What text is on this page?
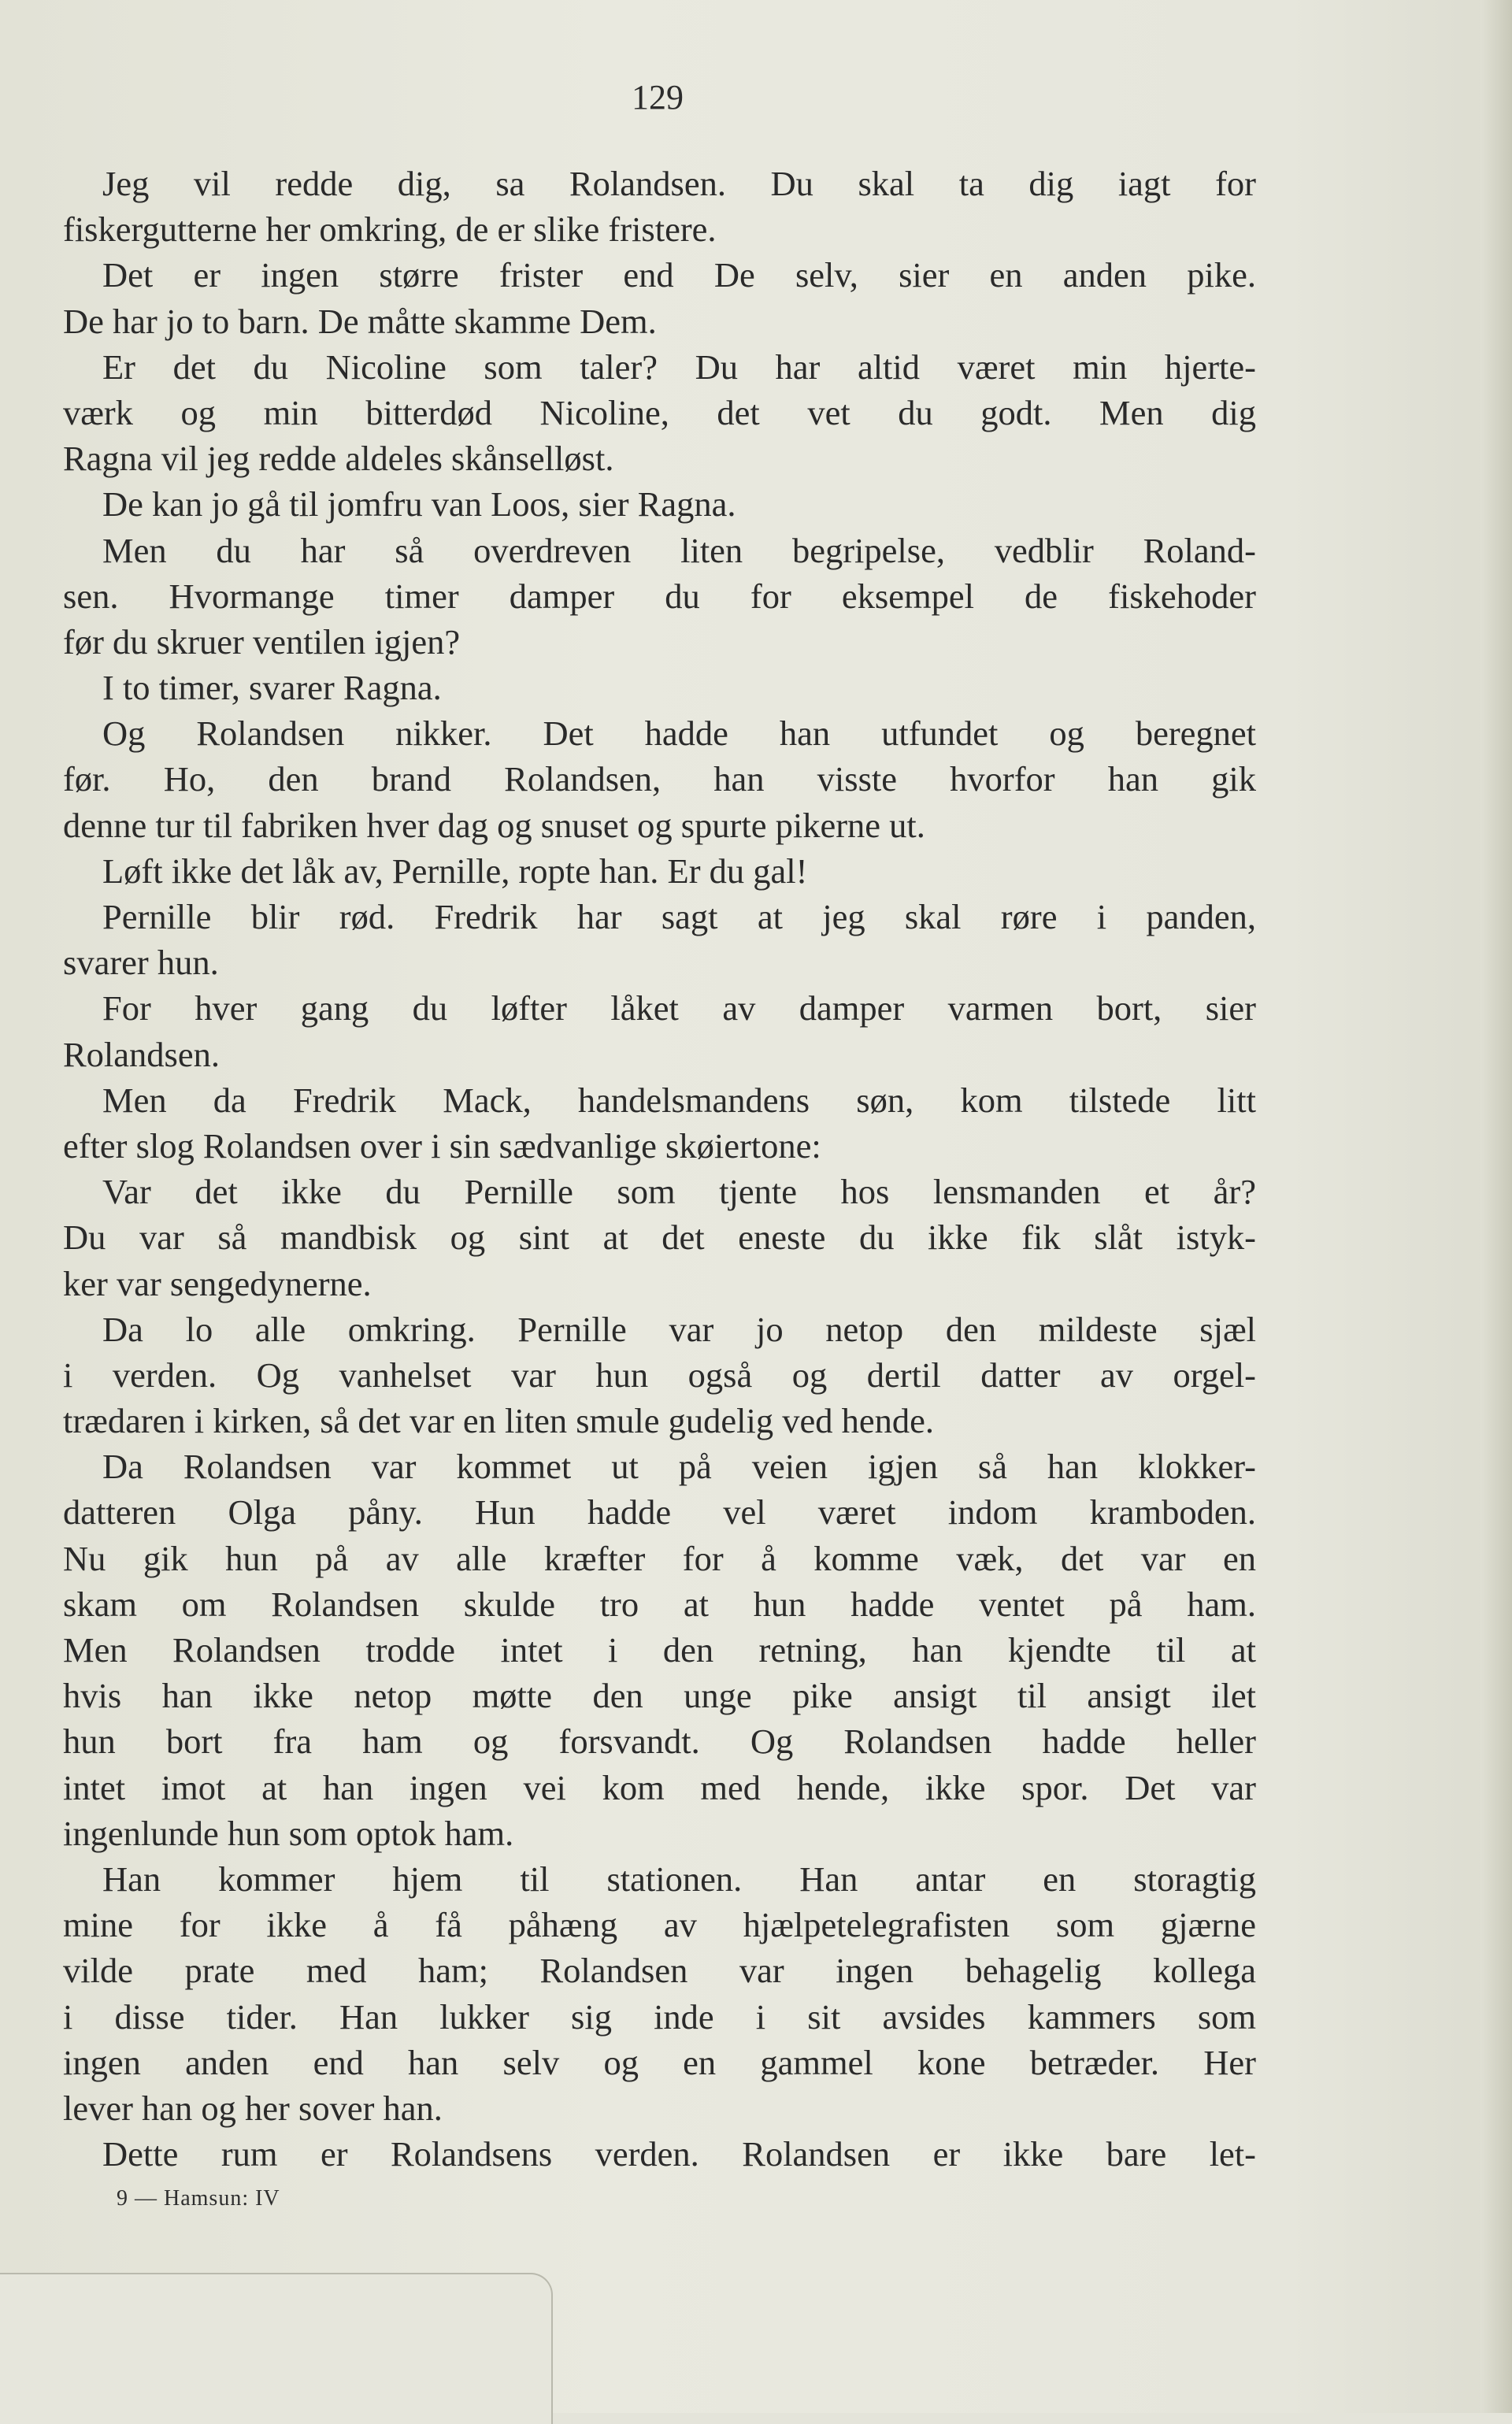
129
Jeg vil redde dig, sa Rolandsen. Du skal ta dig iagt for
fiskergutterne her omkring, de er slike fristere.
Det er ingen større frister end De selv, sier en anden pike.
De har jo to barn. De måtte skamme Dem.
Er det du Nicoline som taler? Du har altid været min hjerte-
værk og min bitterdød Nicoline, det vet du godt. Men dig
Ragna vil jeg redde aldeles skånselløst.
De kan jo gå til jomfru van Loos, sier Ragna.
Men du har så overdreven liten begripelse, vedblir Roland-
sen. Hvormange timer damper du for eksempel de fiskehoder
før du skruer ventilen igjen?
I to timer, svarer Ragna.
Og Rolandsen nikker. Det hadde han utfundet og beregnet
før. Ho, den brand Rolandsen, han visste hvorfor han gik
denne tur til fabriken hver dag og snuset og spurte pikerne ut.
Løft ikke det låk av, Pernille, ropte han. Er du gal!
Pernille blir rød. Fredrik har sagt at jeg skal røre i panden,
svarer hun.
For hver gang du løfter låket av damper varmen bort, sier
Rolandsen.
Men da Fredrik Mack, handelsmandens søn, kom tilstede litt
efter slog Rolandsen over i sin sædvanlige skøiertone:
Var det ikke du Pernille som tjente hos lensmanden et år?
Du var så mandbisk og sint at det eneste du ikke fik slåt istyk-
ker var sengedynerne.
Da lo alle omkring. Pernille var jo netop den mildeste sjæl
i verden. Og vanhelset var hun også og dertil datter av orgel-
trædaren i kirken, så det var en liten smule gudelig ved hende.
Da Rolandsen var kommet ut på veien igjen så han klokker-
datteren Olga påny. Hun hadde vel været indom kramboden.
Nu gik hun på av alle kræfter for å komme væk, det var en
skam om Rolandsen skulde tro at hun hadde ventet på ham.
Men Rolandsen trodde intet i den retning, han kjendte til at
hvis han ikke netop møtte den unge pike ansigt til ansigt ilet
hun bort fra ham og forsvandt. Og Rolandsen hadde heller
intet imot at han ingen vei kom med hende, ikke spor. Det var
ingenlunde hun som optok ham.
Han kommer hjem til stationen. Han antar en storagtig
mine for ikke å få påhæng av hjælpetelegrafisten som gjærne
vilde prate med ham; Rolandsen var ingen behagelig kollega
i disse tider. Han lukker sig inde i sit avsides kammers som
ingen anden end han selv og en gammel kone betræder. Her
lever han og her sover han.
Dette rum er Rolandsens verden. Rolandsen er ikke bare let-
9 — Hamsun: IV
